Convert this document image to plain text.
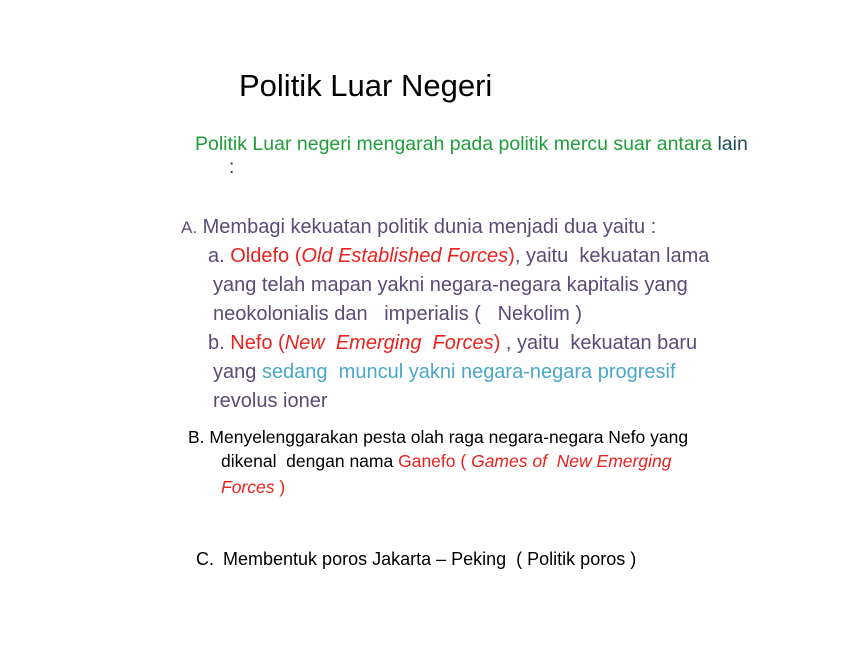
Politik Luar Negeri
Politik Luar negeri mengarah pada politik mercu suar antara lain
:
A. Membagi kekuatan politik dunia menjadi dua yaitu :
a. Oldefo (Old Established Forces), yaitu  kekuatan lama
yang telah mapan yakni negara-negara kapitalis yang
neokolonialis dan   imperialis (   Nekolim )
b. Nefo (New  Emerging  Forces) , yaitu  kekuatan baru
yang sedang  muncul yakni negara-negara progresif
revolus ioner
B. Menyelenggarakan pesta olah raga negara-negara Nefo yang
dikenal  dengan nama Ganefo ( Games of  New Emerging
Forces )
C. Membentuk poros Jakarta – Peking  ( Politik poros )
